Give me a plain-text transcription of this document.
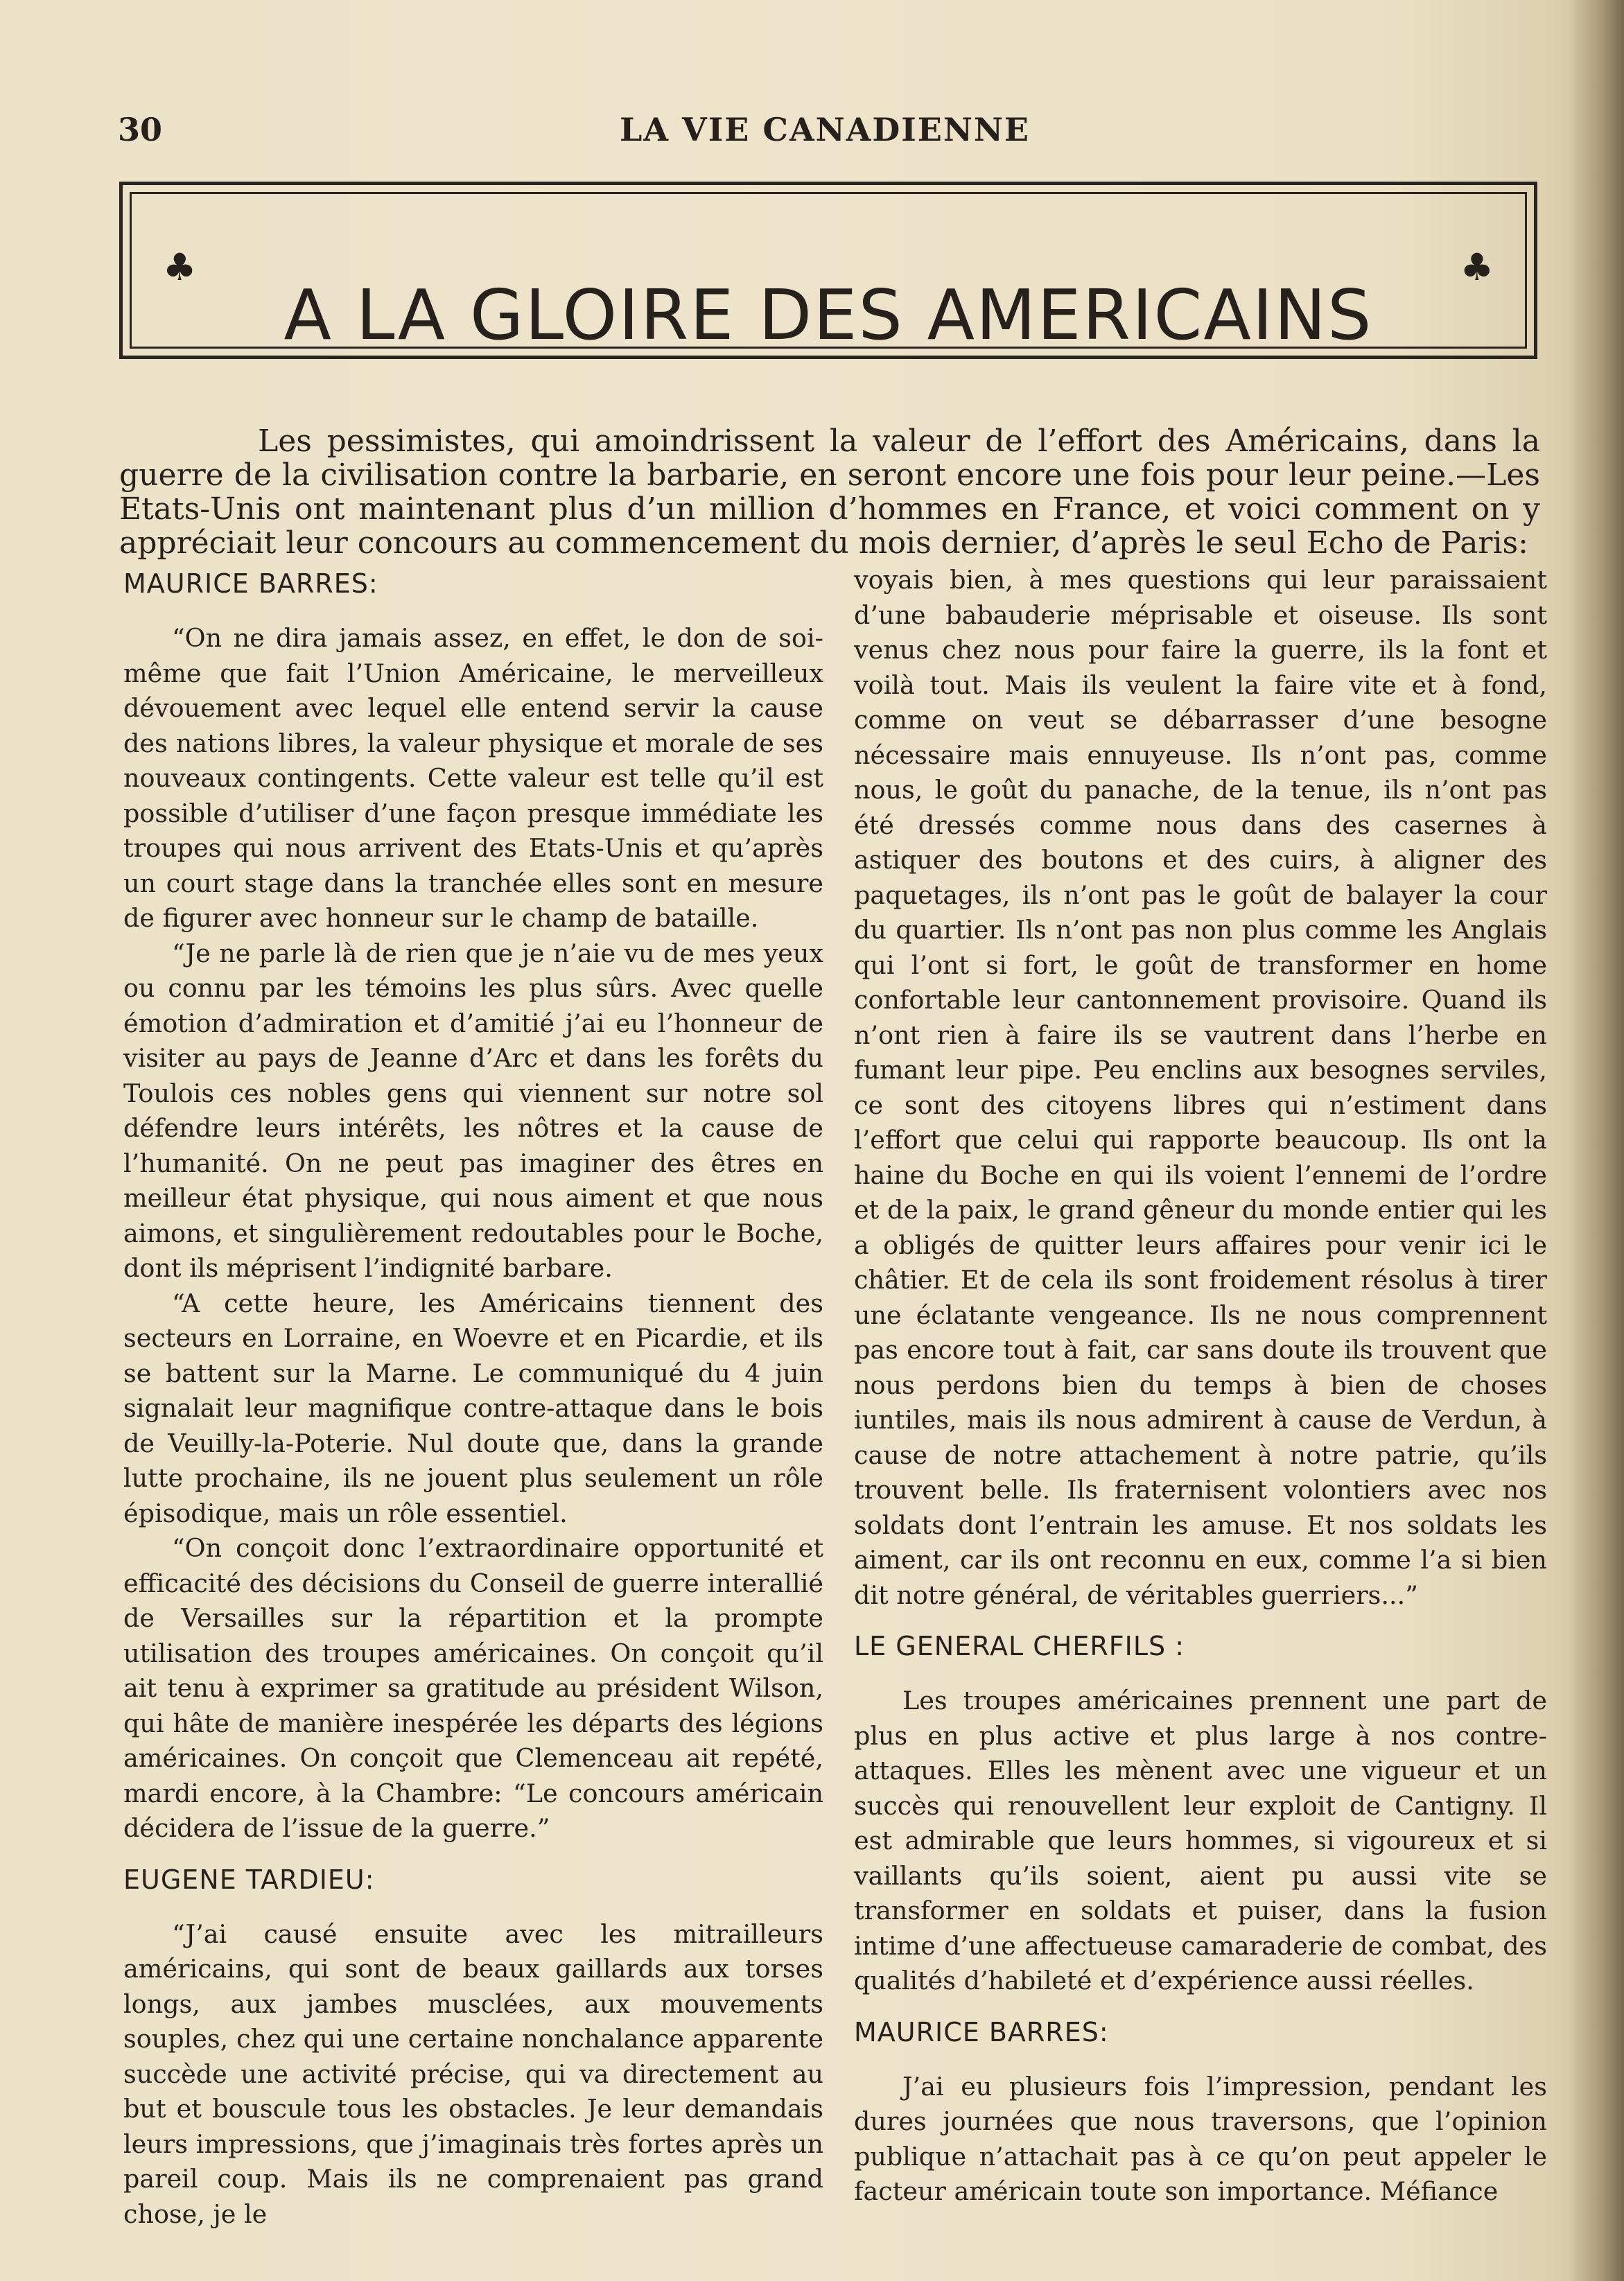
30	LA VIE CANADIENNE
♣
A LA GLOIRE DES AMERICAINS
♣

Les pessimistes, qui amoindrissent la valeur de l’effort des Américains, dans la guerre de la civilisation contre la barbarie, en seront encore une fois pour leur peine.—Les Etats-Unis ont maintenant plus d’un million d’hommes en France, et voici comment on y appréciait leur concours au commencement du mois dernier, d’après le seul Echo de Paris:

MAURICE BARRES:

“On ne dira jamais assez, en effet, le don de soi-même que fait l’Union Américaine, le merveilleux dévouement avec lequel elle entend servir la cause des nations libres, la valeur physique et morale de ses nouveaux contingents. Cette valeur est telle qu’il est possible d’utiliser d’une façon presque immédiate les troupes qui nous arrivent des Etats-Unis et qu’après un court stage dans la tranchée elles sont en mesure de figurer avec honneur sur le champ de bataille.

“Je ne parle là de rien que je n’aie vu de mes yeux ou connu par les témoins les plus sûrs. Avec quelle émotion d’admiration et d’amitié j’ai eu l’honneur de visiter au pays de Jeanne d’Arc et dans les forêts du Toulois ces nobles gens qui viennent sur notre sol défendre leurs intérêts, les nôtres et la cause de l’humanité. On ne peut pas imaginer des êtres en meilleur état physique, qui nous aiment et que nous aimons, et singulièrement redoutables pour le Boche, dont ils méprisent l’indignité barbare.

“A cette heure, les Américains tiennent des secteurs en Lorraine, en Woevre et en Picardie, et ils se battent sur la Marne. Le communiqué du 4 juin signalait leur magnifique contre-attaque dans le bois de Veuilly-la-Poterie. Nul doute que, dans la grande lutte prochaine, ils ne jouent plus seulement un rôle épisodique, mais un rôle essentiel.

“On conçoit donc l’extraordinaire opportunité et efficacité des décisions du Conseil de guerre interallié de Versailles sur la répartition et la prompte utilisation des troupes américaines. On conçoit qu’il ait tenu à exprimer sa gratitude au président Wilson, qui hâte de manière inespérée les départs des légions américaines. On conçoit que Clemenceau ait repété, mardi encore, à la Chambre: “Le concours américain décidera de l’issue de la guerre.”

EUGENE TARDIEU:

“J’ai causé ensuite avec les mitrailleurs américains, qui sont de beaux gaillards aux torses longs, aux jambes musclées, aux mouvements souples, chez qui une certaine nonchalance apparente succède une activité précise, qui va directement au but et bouscule tous les obstacles. Je leur demandais leurs impressions, que j’imaginais très fortes après un pareil coup. Mais ils ne comprenaient pas grand chose, je le

voyais bien, à mes questions qui leur paraissaient d’une babauderie méprisable et oiseuse. Ils sont venus chez nous pour faire la guerre, ils la font et voilà tout. Mais ils veulent la faire vite et à fond, comme on veut se débarrasser d’une besogne nécessaire mais ennuyeuse. Ils n’ont pas, comme nous, le goût du panache, de la tenue, ils n’ont pas été dressés comme nous dans des casernes à astiquer des boutons et des cuirs, à aligner des paquetages, ils n’ont pas le goût de balayer la cour du quartier. Ils n’ont pas non plus comme les Anglais qui l’ont si fort, le goût de transformer en home confortable leur cantonnement provisoire. Quand ils n’ont rien à faire ils se vautrent dans l’herbe en fumant leur pipe. Peu enclins aux besognes serviles, ce sont des citoyens libres qui n’estiment dans l’effort que celui qui rapporte beaucoup. Ils ont la haine du Boche en qui ils voient l’ennemi de l’ordre et de la paix, le grand gêneur du monde entier qui les a obligés de quitter leurs affaires pour venir ici le châtier. Et de cela ils sont froidement résolus à tirer une éclatante vengeance. Ils ne nous comprennent pas encore tout à fait, car sans doute ils trouvent que nous perdons bien du temps à bien de choses iuntiles, mais ils nous admirent à cause de Verdun, à cause de notre attachement à notre patrie, qu’ils trouvent belle. Ils fraternisent volontiers avec nos soldats dont l’entrain les amuse. Et nos soldats les aiment, car ils ont reconnu en eux, comme l’a si bien dit notre général, de véritables guerriers...”

LE GENERAL CHERFILS :

Les troupes américaines prennent une part de plus en plus active et plus large à nos contre-attaques. Elles les mènent avec une vigueur et un succès qui renouvellent leur exploit de Cantigny. Il est admirable que leurs hommes, si vigoureux et si vaillants qu’ils soient, aient pu aussi vite se transformer en soldats et puiser, dans la fusion intime d’une affectueuse camaraderie de combat, des qualités d’habileté et d’expérience aussi réelles.

MAURICE BARRES:

J’ai eu plusieurs fois l’impression, pendant les dures journées que nous traversons, que l’opinion publique n’attachait pas à ce qu’on peut appeler le facteur américain toute son importance. Méfiance
